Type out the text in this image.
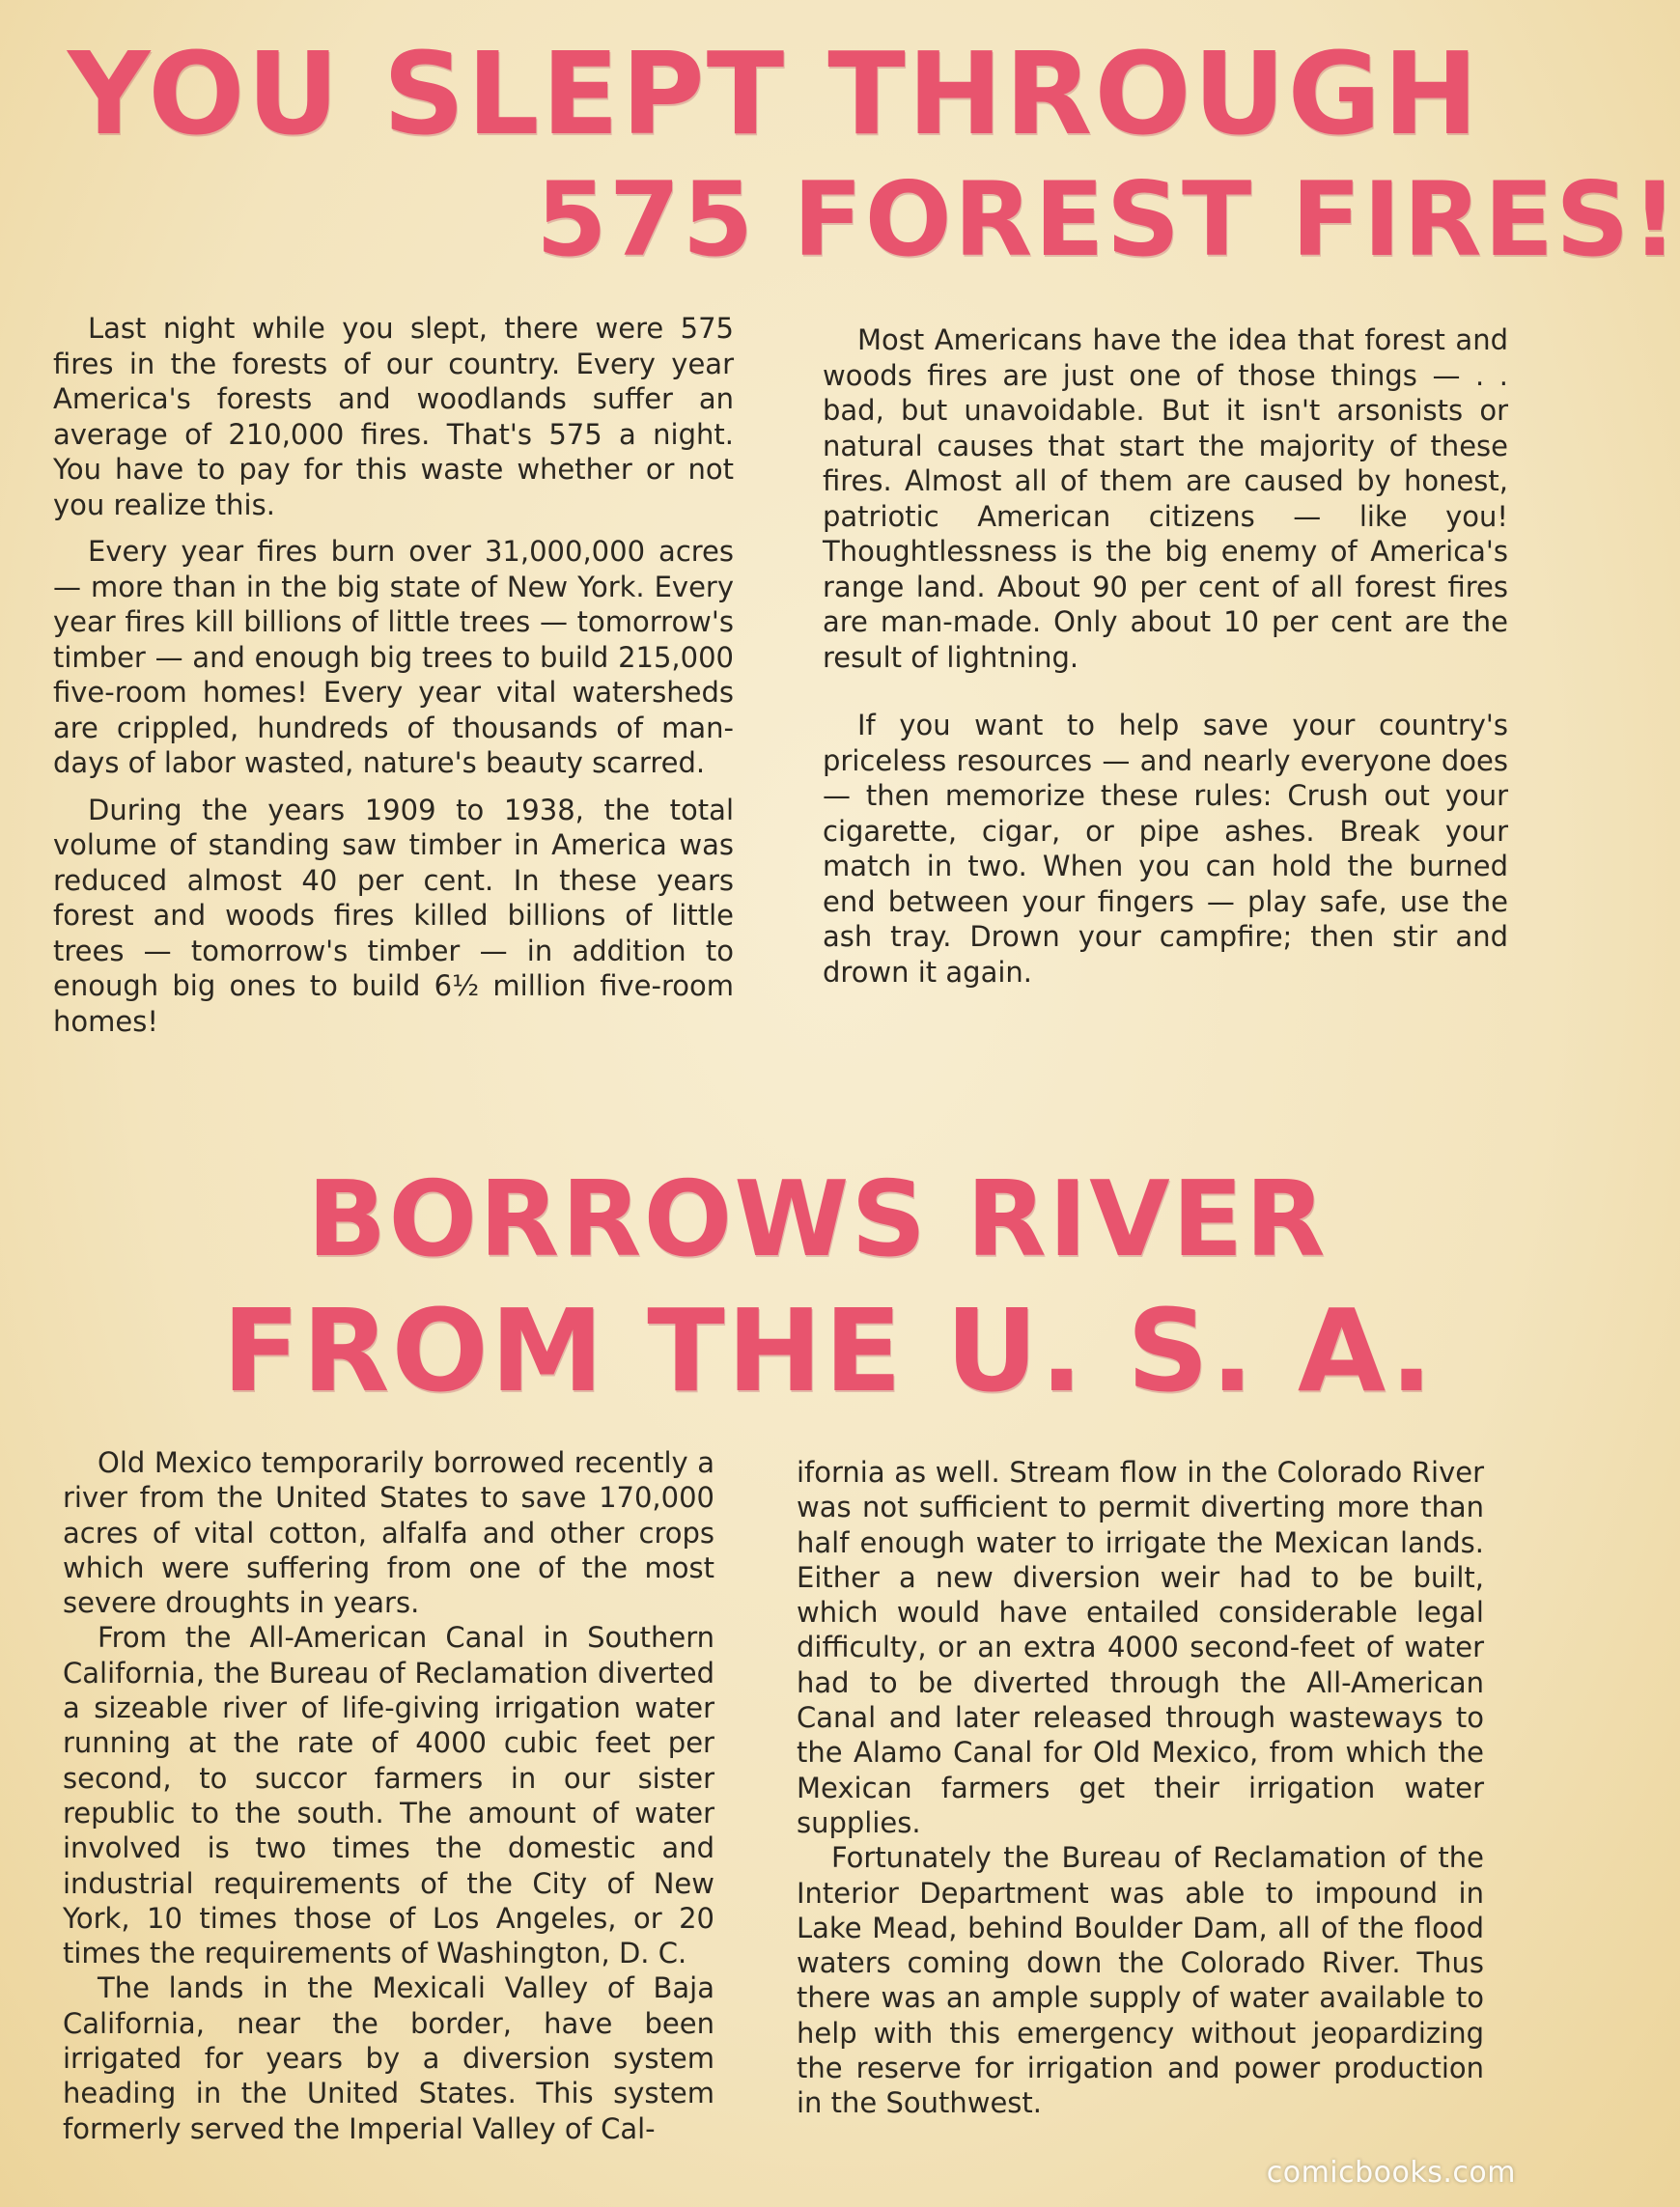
YOU SLEPT THROUGH
575 FOREST FIRES!

Last night while you slept, there were 575 fires in the forests of our country. Every year America's forests and woodlands suffer an average of 210,000 fires. That's 575 a night. You have to pay for this waste whether or not you realize this.

Every year fires burn over 31,000,000 acres — more than in the big state of New York. Every year fires kill billions of little trees — tomorrow's timber — and enough big trees to build 215,000 five-room homes! Every year vital watersheds are crippled, hundreds of thousands of man-days of labor wasted, nature's beauty scarred.

During the years 1909 to 1938, the total volume of standing saw timber in America was reduced almost 40 per cent. In these years forest and woods fires killed billions of little trees — tomorrow's timber — in addition to enough big ones to build 6½ million five-room homes!

Most Americans have the idea that forest and woods fires are just one of those things — . . bad, but unavoidable. But it isn't arsonists or natural causes that start the majority of these fires. Almost all of them are caused by honest, patriotic American citizens — like you! Thoughtlessness is the big enemy of America's range land. About 90 per cent of all forest fires are man-made. Only about 10 per cent are the result of lightning.

If you want to help save your country's priceless resources — and nearly everyone does — then memorize these rules: Crush out your cigarette, cigar, or pipe ashes. Break your match in two. When you can hold the burned end between your fingers — play safe, use the ash tray. Drown your campfire; then stir and drown it again.

BORROWS RIVER
FROM THE U. S. A.

Old Mexico temporarily borrowed recently a river from the United States to save 170,000 acres of vital cotton, alfalfa and other crops which were suffering from one of the most severe droughts in years.

From the All-American Canal in Southern California, the Bureau of Reclamation diverted a sizeable river of life-giving irrigation water running at the rate of 4000 cubic feet per second, to succor farmers in our sister republic to the south. The amount of water involved is two times the domestic and industrial requirements of the City of New York, 10 times those of Los Angeles, or 20 times the requirements of Washington, D. C.

The lands in the Mexicali Valley of Baja California, near the border, have been irrigated for years by a diversion system heading in the United States. This system formerly served the Imperial Valley of Cal-

ifornia as well. Stream flow in the Colorado River was not sufficient to permit diverting more than half enough water to irrigate the Mexican lands. Either a new diversion weir had to be built, which would have entailed considerable legal difficulty, or an extra 4000 second-feet of water had to be diverted through the All-American Canal and later released through wasteways to the Alamo Canal for Old Mexico, from which the Mexican farmers get their irrigation water supplies.

Fortunately the Bureau of Reclamation of the Interior Department was able to impound in Lake Mead, behind Boulder Dam, all of the flood waters coming down the Colorado River. Thus there was an ample supply of water available to help with this emergency without jeopardizing the reserve for irrigation and power production in the Southwest.

comicbooks.com
